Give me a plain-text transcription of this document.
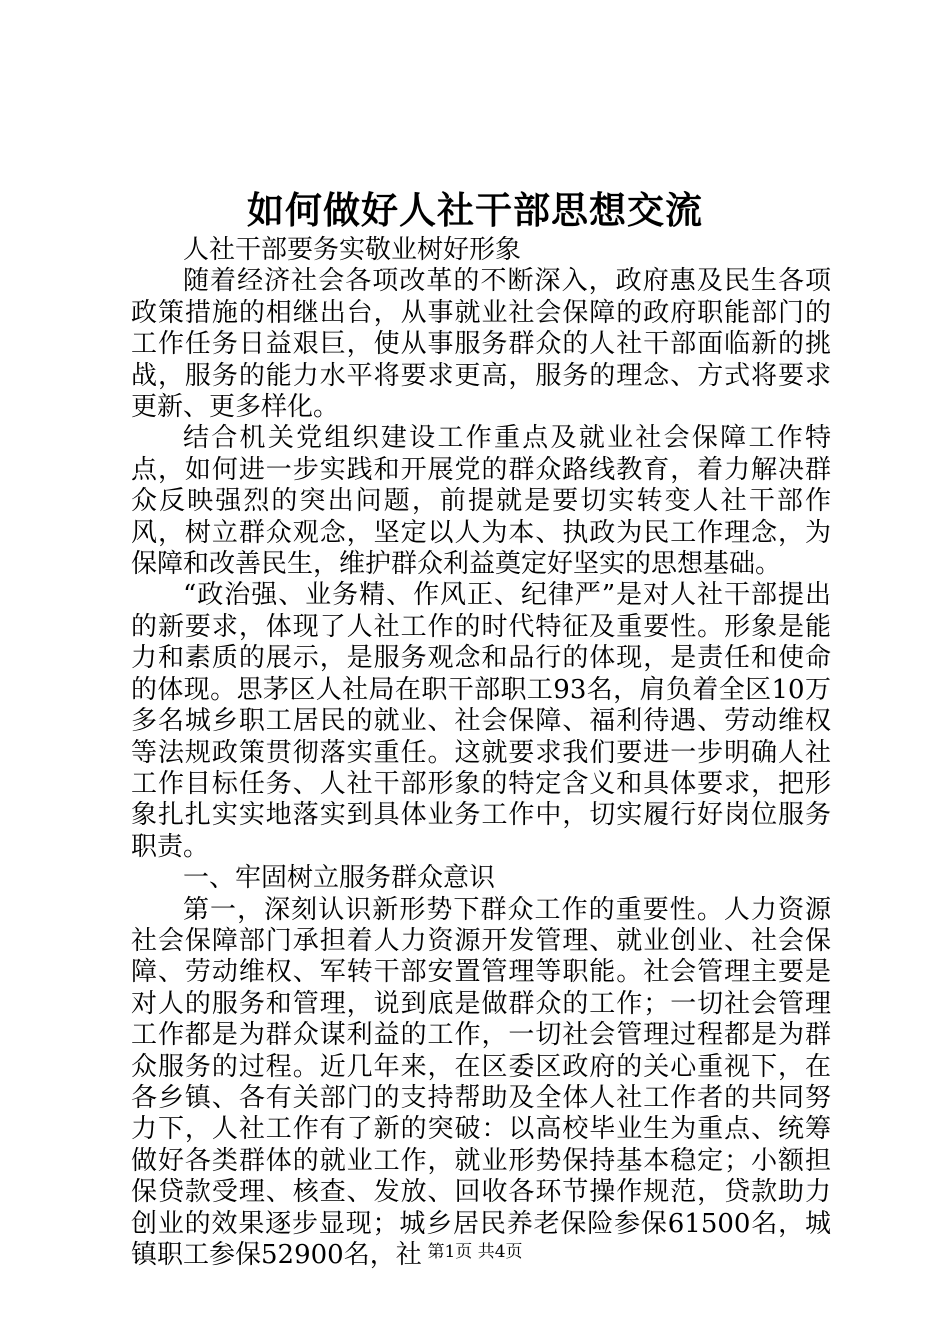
如何做好人社干部思想交流

人社干部要务实敬业树好形象

随着经济社会各项改革的不断深入，政府惠及民生各项政策措施的相继出台，从事就业社会保障的政府职能部门的工作任务日益艰巨，使从事服务群众的人社干部面临新的挑战，服务的能力水平将要求更高，服务的理念、方式将要求更新、更多样化。

结合机关党组织建设工作重点及就业社会保障工作特点，如何进一步实践和开展党的群众路线教育，着力解决群众反映强烈的突出问题，前提就是要切实转变人社干部作风，树立群众观念，坚定以人为本、执政为民工作理念，为保障和改善民生，维护群众利益奠定好坚实的思想基础。

“政治强、业务精、作风正、纪律严”是对人社干部提出的新要求，体现了人社工作的时代特征及重要性。形象是能力和素质的展示，是服务观念和品行的体现，是责任和使命的体现。思茅区人社局在职干部职工93名，肩负着全区10万多名城乡职工居民的就业、社会保障、福利待遇、劳动维权等法规政策贯彻落实重任。这就要求我们要进一步明确人社工作目标任务、人社干部形象的特定含义和具体要求，把形象扎扎实实地落实到具体业务工作中，切实履行好岗位服务职责。

一、牢固树立服务群众意识

第一，深刻认识新形势下群众工作的重要性。人力资源社会保障部门承担着人力资源开发管理、就业创业、社会保障、劳动维权、军转干部安置管理等职能。社会管理主要是对人的服务和管理，说到底是做群众的工作；一切社会管理工作都是为群众谋利益的工作，一切社会管理过程都是为群众服务的过程。近几年来，在区委区政府的关心重视下，在各乡镇、各有关部门的支持帮助及全体人社工作者的共同努力下，人社工作有了新的突破：以高校毕业生为重点、统筹做好各类群体的就业工作，就业形势保持基本稳定；小额担保贷款受理、核查、发放、回收各环节操作规范，贷款助力创业的效果逐步显现；城乡居民养老保险参保61500名，城镇职工参保52900名，社 第1页 共4页
